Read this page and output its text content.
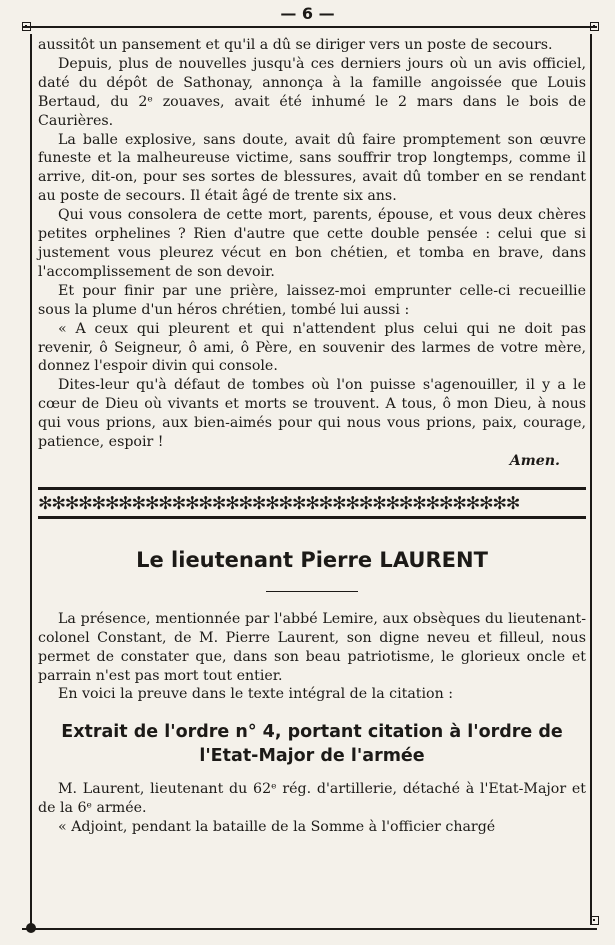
— 6 —

aussitôt un pansement et qu'il a dû se diriger vers un poste de secours.

Depuis, plus de nouvelles jusqu'à ces derniers jours où un avis officiel, daté du dépôt de Sathonay, annonça à la famille angoissée que Louis Bertaud, du 2ᵉ zouaves, avait été inhumé le 2 mars dans le bois de Caurières.

La balle explosive, sans doute, avait dû faire promptement son œuvre funeste et la malheureuse victime, sans souffrir trop longtemps, comme il arrive, dit-on, pour ses sortes de blessures, avait dû tomber en se rendant au poste de secours. Il était âgé de trente six ans.

Qui vous consolera de cette mort, parents, épouse, et vous deux chères petites orphelines ? Rien d'autre que cette double pensée : celui que si justement vous pleurez vécut en bon chétien, et tomba en brave, dans l'accomplissement de son devoir.

Et pour finir par une prière, laissez-moi emprunter celle-ci recueillie sous la plume d'un héros chrétien, tombé lui aussi :

« A ceux qui pleurent et qui n'attendent plus celui qui ne doit pas revenir, ô Seigneur, ô ami, ô Père, en souvenir des larmes de votre mère, donnez l'espoir divin qui console.

Dites-leur qu'à défaut de tombes où l'on puisse s'agenouiller, il y a le cœur de Dieu où vivants et morts se trouvent. A tous, ô mon Dieu, à nous qui vous prions, aux bien-aimés pour qui nous vous prions, paix, courage, patience, espoir !

Amen.

✻✻✻✻✻✻✻✻✻✻✻✻✻✻✻✻✻✻✻✻✻✻✻✻✻✻✻✻✻✻✻✻✻✻✻✻
Le lieutenant Pierre LAURENT

La présence, mentionnée par l'abbé Lemire, aux obsèques du lieutenant-colonel Constant, de M. Pierre Laurent, son digne neveu et filleul, nous permet de constater que, dans son beau patriotisme, le glorieux oncle et parrain n'est pas mort tout entier.

En voici la preuve dans le texte intégral de la citation :

Extrait de l'ordre n° 4, portant citation à l'ordre de l'Etat-Major de l'armée

M. Laurent, lieutenant du 62ᵉ rég. d'artillerie, détaché à l'Etat-Major et de la 6ᵉ armée.

« Adjoint, pendant la bataille de la Somme à l'officier chargé
